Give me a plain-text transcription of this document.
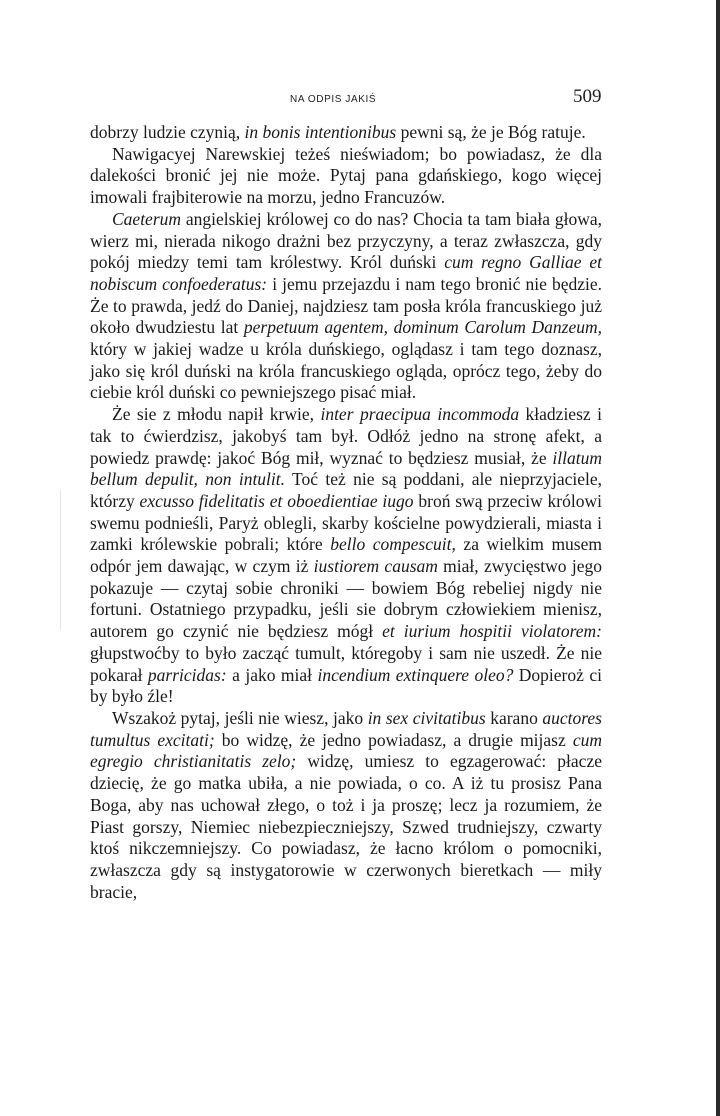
NA ODPIS JAKIŚ	509

dobrzy ludzie czynią, in bonis intentionibus pewni są, że je Bóg ratuje.

Nawigacyej Narewskiej teżeś nieświadom; bo powiadasz, że dla dalekości bronić jej nie może. Pytaj pana gdańskiego, kogo więcej imowali frajbiterowie na morzu, jedno Francuzów.

Caeterum angielskiej królowej co do nas? Chocia ta tam biała głowa, wierz mi, nierada nikogo drażni bez przyczyny, a teraz zwłaszcza, gdy pokój miedzy temi tam królestwy. Król duński cum regno Galliae et nobiscum confoederatus: i jemu przejazdu i nam tego bronić nie będzie. Że to prawda, jedź do Daniej, najdziesz tam posła króla francuskiego już około dwudziestu lat perpetuum agentem, dominum Carolum Danzeum, który w jakiej wadze u króla duńskiego, oglądasz i tam tego doznasz, jako się król duński na króla francuskiego ogląda, oprócz tego, żeby do ciebie król duński co pewniejszego pisać miał.

Że sie z młodu napił krwie, inter praecipua incommoda kładziesz i tak to ćwierdzisz, jakobyś tam był. Odłóż jedno na stronę afekt, a powiedz prawdę: jakoć Bóg mił, wyznać to będziesz musiał, że illatum bellum depulit, non intulit. Toć też nie są poddani, ale nieprzyjaciele, którzy excusso fidelitatis et oboedientiae iugo broń swą przeciw królowi swemu podnieśli, Paryż oblegli, skarby kościelne powydzierali, miasta i zamki królewskie pobrali; które bello compescuit, za wielkim musem odpór jem dawając, w czym iż iustiorem causam miał, zwycięstwo jego pokazuje — czytaj sobie chroniki — bowiem Bóg rebeliej nigdy nie fortuni. Ostatniego przypadku, jeśli sie dobrym człowiekiem mienisz, autorem go czynić nie będziesz mógł et iurium hospitii violatorem: głupstwoćby to było zacząć tumult, któregoby i sam nie uszedł. Że nie pokarał parricidas: a jako miał incendium extinquere oleo? Dopieroż ci by było źle!

Wszakoż pytaj, jeśli nie wiesz, jako in sex civitatibus karano auctores tumultus excitati; bo widzę, że jedno powiadasz, a drugie mijasz cum egregio christianitatis zelo; widzę, umiesz to egzagerować: płacze dziecię, że go matka ubiła, a nie powiada, o co. A iż tu prosisz Pana Boga, aby nas uchował złego, o toż i ja proszę; lecz ja rozumiem, że Piast gorszy, Niemiec niebezpieczniejszy, Szwed trudniejszy, czwarty ktoś nikczemniejszy. Co powiadasz, że łacno królom o pomocniki, zwłaszcza gdy są instygatorowie w czerwonych bieretkach — miły bracie,
